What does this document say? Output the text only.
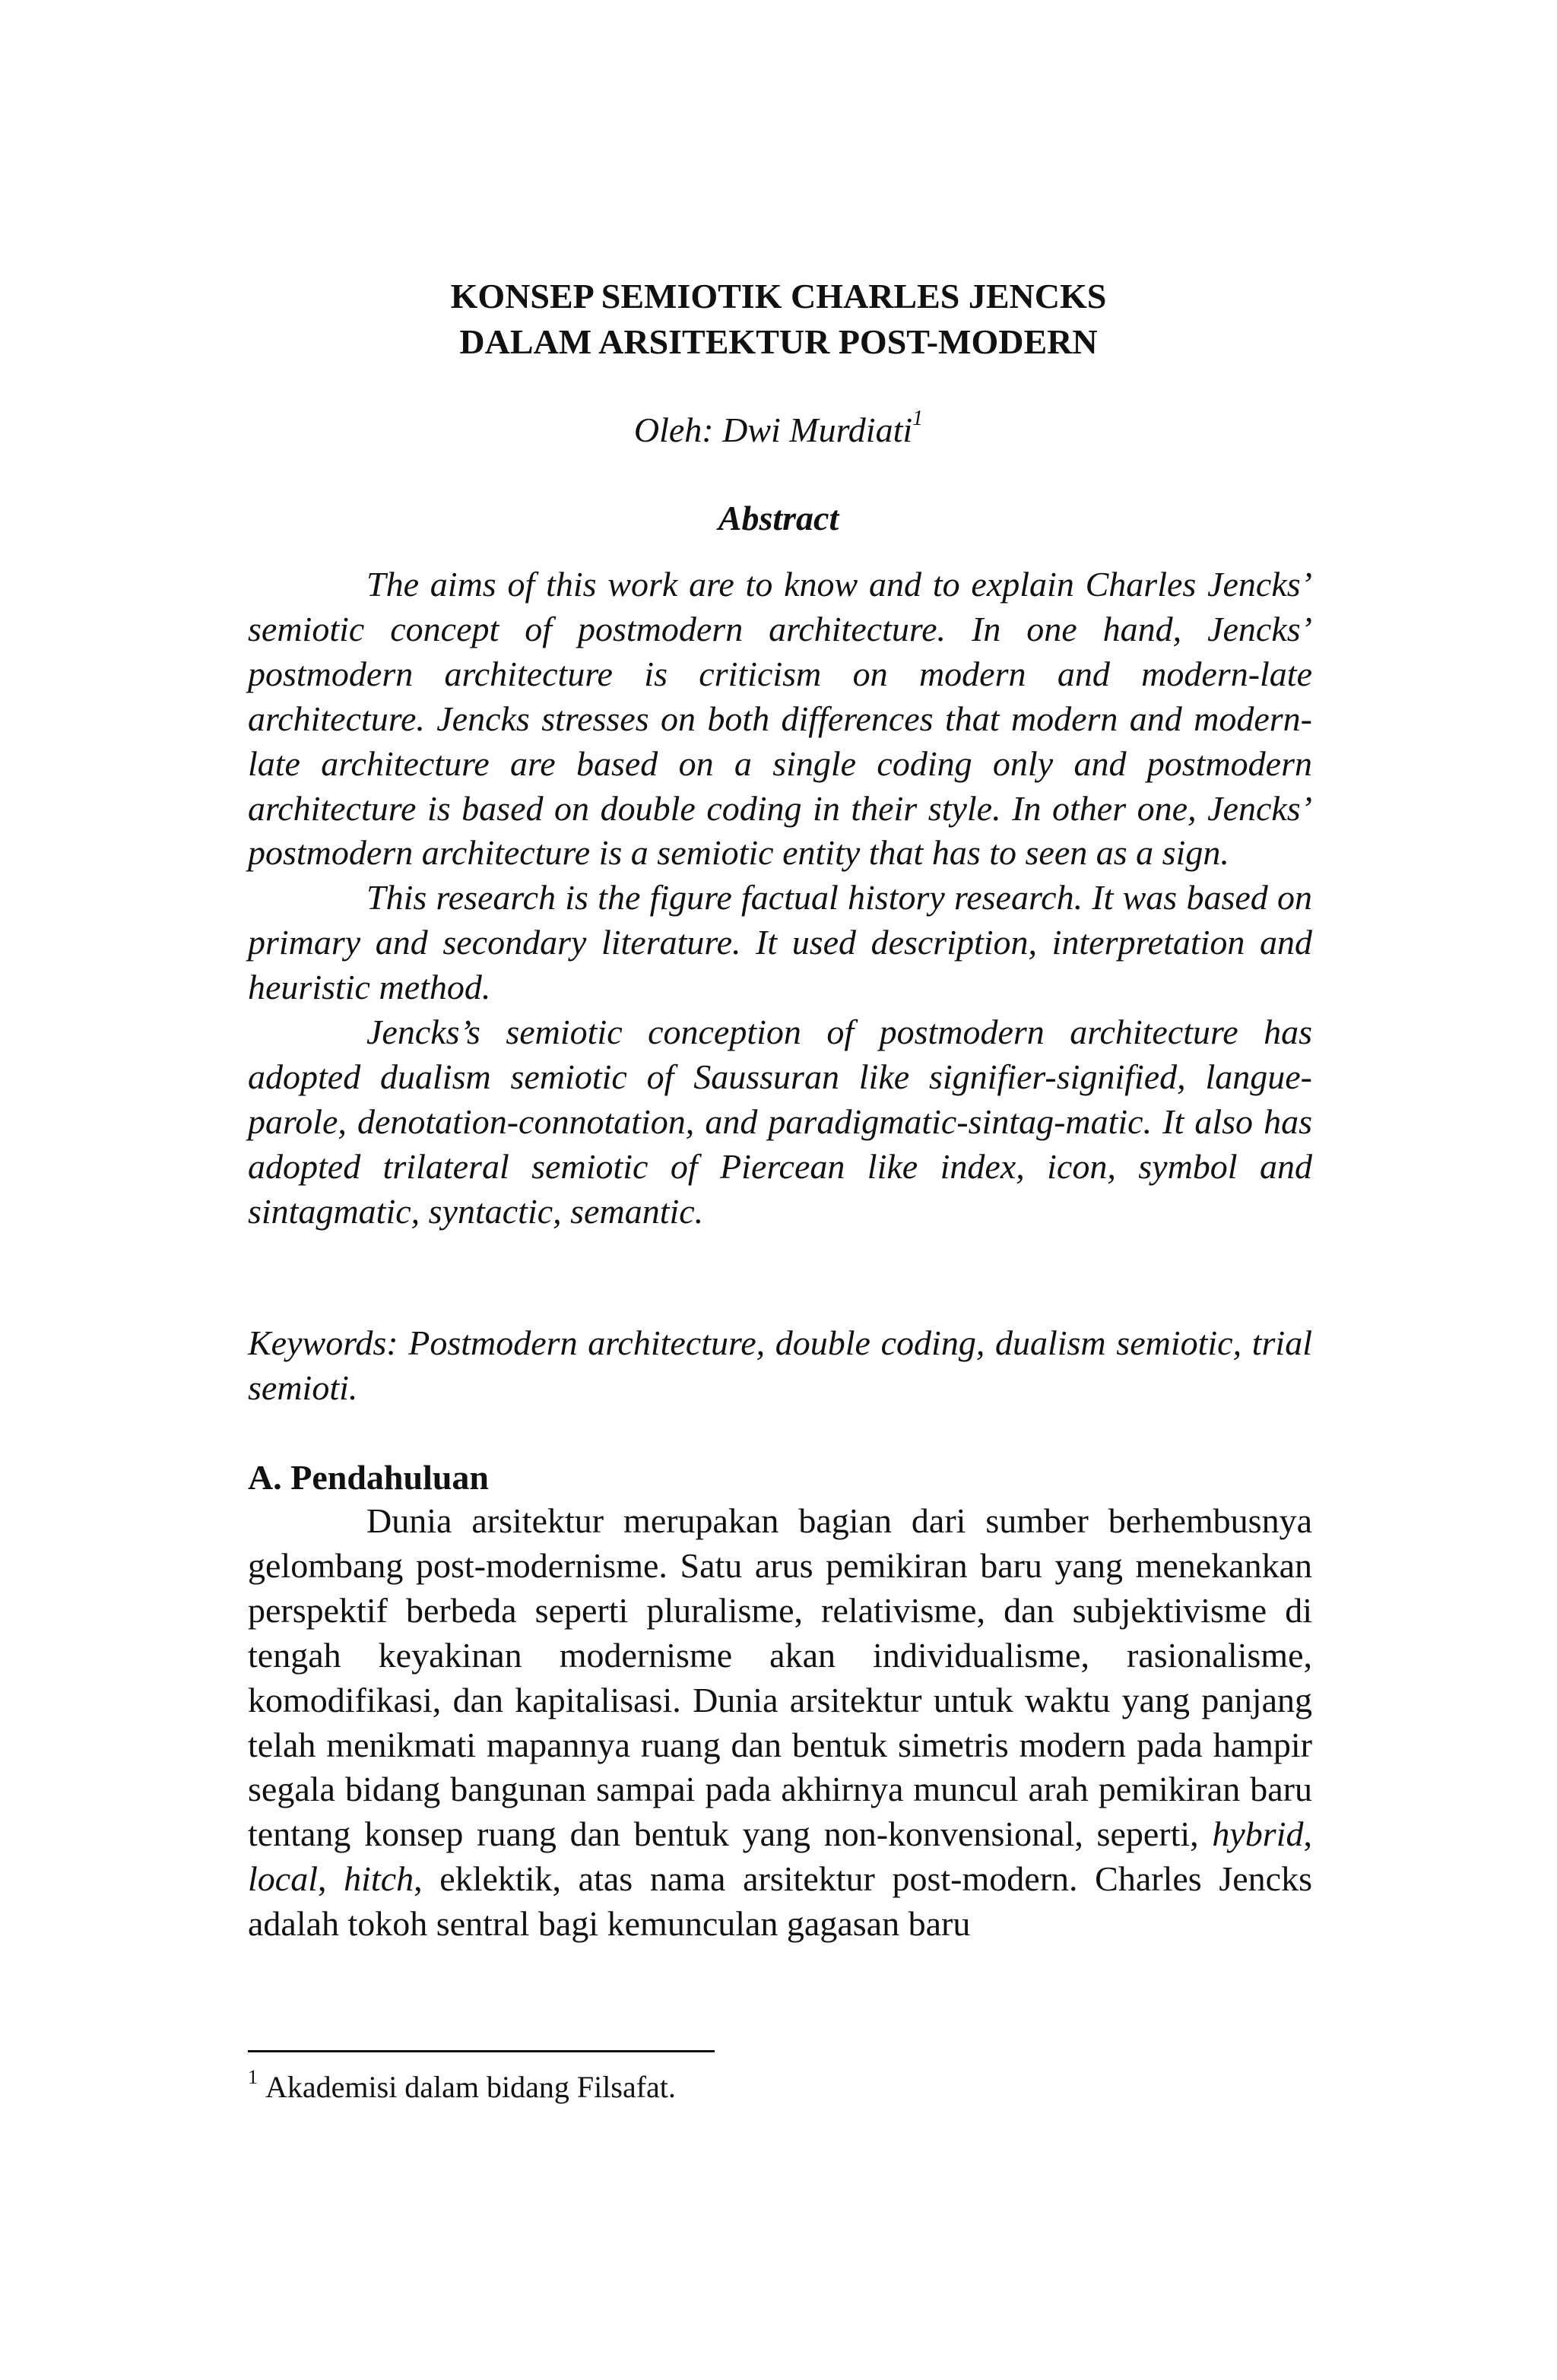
KONSEP SEMIOTIK CHARLES JENCKS
DALAM ARSITEKTUR POST-MODERN
Oleh: Dwi Murdiati$^1$
Abstract

The aims of this work are to know and to explain Charles Jencks’ semiotic concept of postmodern architecture. In one hand, Jencks’ postmodern architecture is criticism on modern and modern-late architecture. Jencks stresses on both differences that modern and modern-late architecture are based on a single coding only and postmodern architecture is based on double coding in their style. In other one, Jencks’ postmodern architecture is a semiotic entity that has to seen as a sign.

This research is the figure factual history research. It was based on primary and secondary literature. It used description, interpretation and heuristic method.

Jencks’s semiotic conception of postmodern architecture has adopted dualism semiotic of Saussuran like signifier-signified, langue-parole, denotation-connotation, and paradigmatic-sintag-matic. It also has adopted trilateral semiotic of Piercean like index, icon, symbol and sintagmatic, syntactic, semantic.

Keywords: Postmodern architecture, double coding, dualism semiotic, trial semioti.

A. Pendahuluan

Dunia arsitektur merupakan bagian dari sumber berhembusnya gelombang post-modernisme. Satu arus pemikiran baru yang menekankan perspektif berbeda seperti pluralisme, relativisme, dan subjektivisme di tengah keyakinan modernisme akan individualisme, rasionalisme, komodifikasi, dan kapitalisasi. Dunia arsitektur untuk waktu yang panjang telah menikmati mapannya ruang dan bentuk simetris modern pada hampir segala bidang bangunan sampai pada akhirnya muncul arah pemikiran baru tentang konsep ruang dan bentuk yang non-konvensional, seperti, hybrid, local, hitch, eklektik, atas nama arsitektur post-modern. Charles Jencks adalah tokoh sentral bagi kemunculan gagasan baru

$^1$ Akademisi dalam bidang Filsafat.
